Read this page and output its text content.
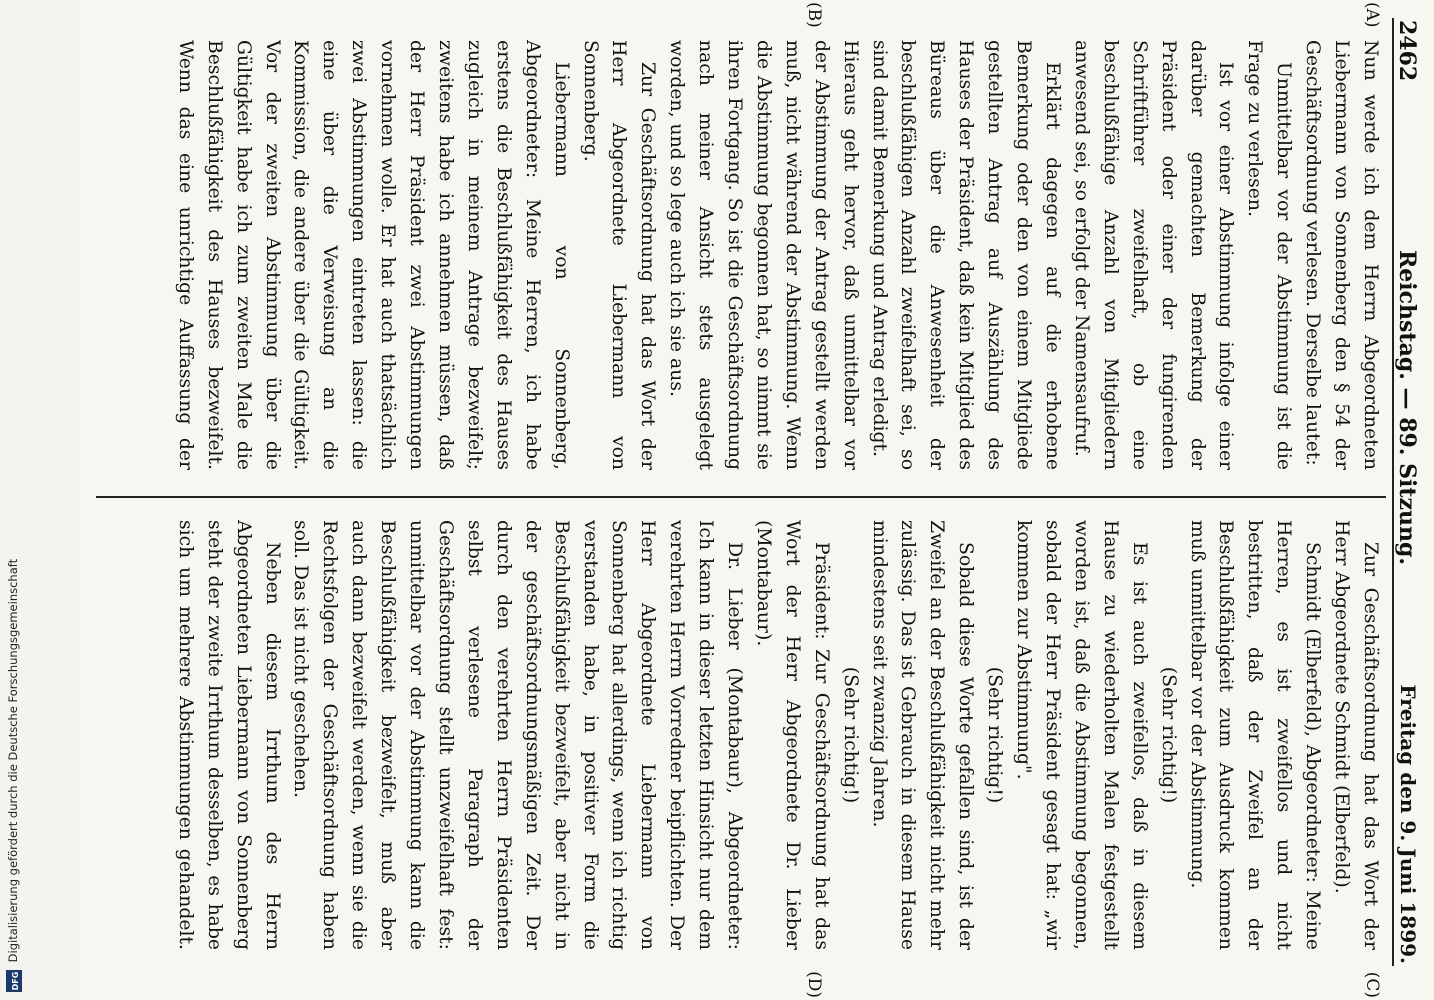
2462
Reichstag. — 89. Sitzung.
Freitag den 9. Juni 1899.
(A)
(B)
(C)
(D)

Nun werde ich dem Herrn Abgeordneten Liebermann von Sonnenberg den § 54 der Geschäftsordnung verlesen. Derselbe lautet:

Unmittelbar vor der Abstimmung ist die Frage zu verlesen.

Ist vor einer Abstimmung infolge einer darüber gemachten Bemerkung der Präsident oder einer der fungirenden Schriftführer zweifelhaft, ob eine beschlußfähige Anzahl von Mitgliedern anwesend sei, so erfolgt der Namensaufruf.

Erklärt dagegen auf die erhobene Bemerkung oder den von einem Mitgliede gestellten Antrag auf Auszählung des Hauses der Präsident, daß kein Mitglied des Büreaus über die Anwesenheit der beschlußfähigen Anzahl zweifelhaft sei, so sind damit Bemerkung und Antrag erledigt.

Hieraus geht hervor, daß unmittelbar vor der Abstimmung der Antrag gestellt werden muß, nicht während der Abstimmung. Wenn die Abstimmung begonnen hat, so nimmt sie ihren Fortgang. So ist die Geschäftsordnung nach meiner Ansicht stets ausgelegt worden, und so lege auch ich sie aus.

Zur Geschäftsordnung hat das Wort der Herr Abgeordnete Liebermann von Sonnenberg.

Liebermann von Sonnenberg, Abgeordneter: Meine Herren, ich habe erstens die Beschlußfähigkeit des Hauses zugleich in meinem Antrage bezweifelt; zweitens habe ich annehmen müssen, daß der Herr Präsident zwei Abstimmungen vornehmen wolle. Er hat auch thatsächlich zwei Abstimmungen eintreten lassen: die eine über die Verweisung an die Kommission, die andere über die Gültigkeit. Vor der zweiten Abstimmung über die Gültigkeit habe ich zum zweiten Male die Beschlußfähigkeit des Hauses bezweifelt. Wenn das eine unrichtige Auffassung der

Zur Geschäftsordnung hat das Wort der Herr Abgeordnete Schmidt (Elberfeld).

Schmidt (Elberfeld), Abgeordneter: Meine Herren, es ist zweifellos und nicht bestritten, daß der Zweifel an der Beschlußfähigkeit zum Ausdruck kommen muß unmittelbar vor der Abstimmung.

(Sehr richtig!)

Es ist auch zweifellos, daß in diesem Hause zu wiederholten Malen festgestellt worden ist, daß die Abstimmung begonnen, sobald der Herr Präsident gesagt hat: „wir kommen zur Abstimmung".

(Sehr richtig!)

Sobald diese Worte gefallen sind, ist der Zweifel an der Beschlußfähigkeit nicht mehr zulässig. Das ist Gebrauch in diesem Hause mindestens seit zwanzig Jahren.

(Sehr richtig!)

Präsident: Zur Geschäftsordnung hat das Wort der Herr Abgeordnete Dr. Lieber (Montabaur).

Dr. Lieber (Montabaur), Abgeordneter: Ich kann in dieser letzten Hinsicht nur dem verehrten Herrn Vorredner beipflichten. Der Herr Abgeordnete Liebermann von Sonnenberg hat allerdings, wenn ich richtig verstanden habe, in positiver Form die Beschlußfähigkeit bezweifelt, aber nicht in der geschäftsordnungsmäßigen Zeit. Der durch den verehrten Herrn Präsidenten selbst verlesene Paragraph der Geschäftsordnung stellt unzweifelhaft fest: unmittelbar vor der Abstimmung kann die Beschlußfähigkeit bezweifelt, muß aber auch dann bezweifelt werden, wenn sie die Rechtsfolgen der Geschäftsordnung haben soll. Das ist nicht geschehen.

Neben diesem Irrthum des Herrn Abgeordneten Liebermann von Sonnenberg steht der zweite Irrthum desselben, es habe sich um mehrere Abstimmungen gehandelt.

DFG
Digitalisierung gefördert durch die Deutsche Forschungsgemeinschaft
